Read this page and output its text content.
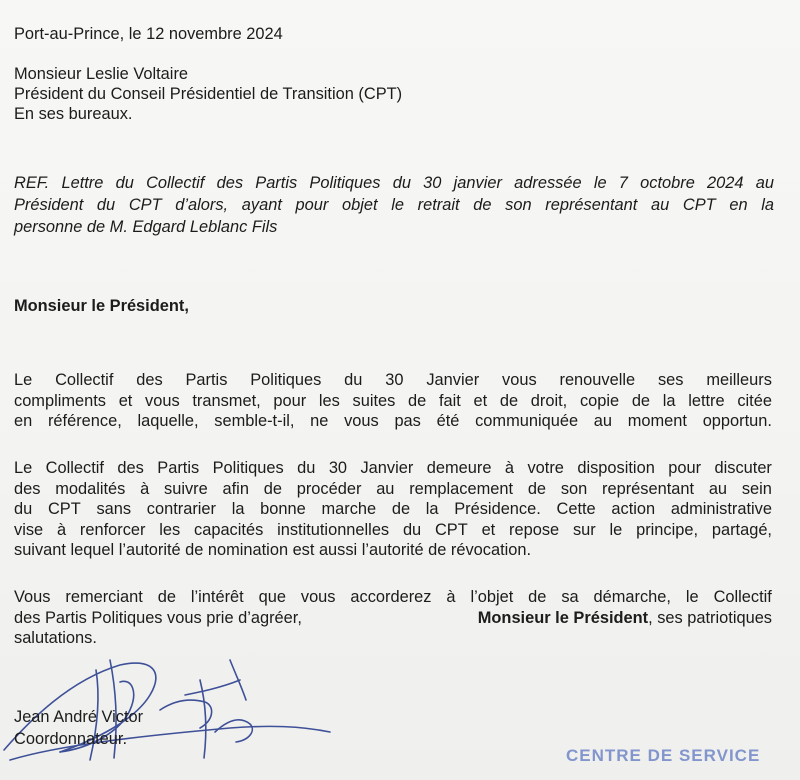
Port-au-Prince, le 12 novembre 2024
Monsieur Leslie Voltaire
Président du Conseil Présidentiel de Transition (CPT)
En ses bureaux.
REF. Lettre du Collectif des Partis Politiques du 30 janvier adressée le 7 octobre 2024 au
Président du CPT d’alors, ayant pour objet le retrait de son représentant au CPT en la
personne de M. Edgard Leblanc Fils
Monsieur le Président,
Le Collectif des Partis Politiques du 30 Janvier vous renouvelle ses meilleurs
compliments et vous transmet, pour les suites de fait et de droit, copie de la lettre citée
en référence, laquelle, semble-t-il, ne vous pas été communiquée au moment opportun.
Le Collectif des Partis Politiques du 30 Janvier demeure à votre disposition pour discuter
des modalités à suivre afin de procéder au remplacement de son représentant au sein
du CPT sans contrarier la bonne marche de la Présidence. Cette action administrative
vise à renforcer les capacités institutionnelles du CPT et repose sur le principe, partagé,
suivant lequel l’autorité de nomination est aussi l’autorité de révocation.
Vous remerciant de l’intérêt que vous accorderez à l’objet de sa démarche, le Collectif
des Partis Politiques vous prie d’agréer,	Monsieur le Président, ses patriotiques
salutations.
Jean André Victor
Coordonnateur.
CENTRE DE SERVICE
